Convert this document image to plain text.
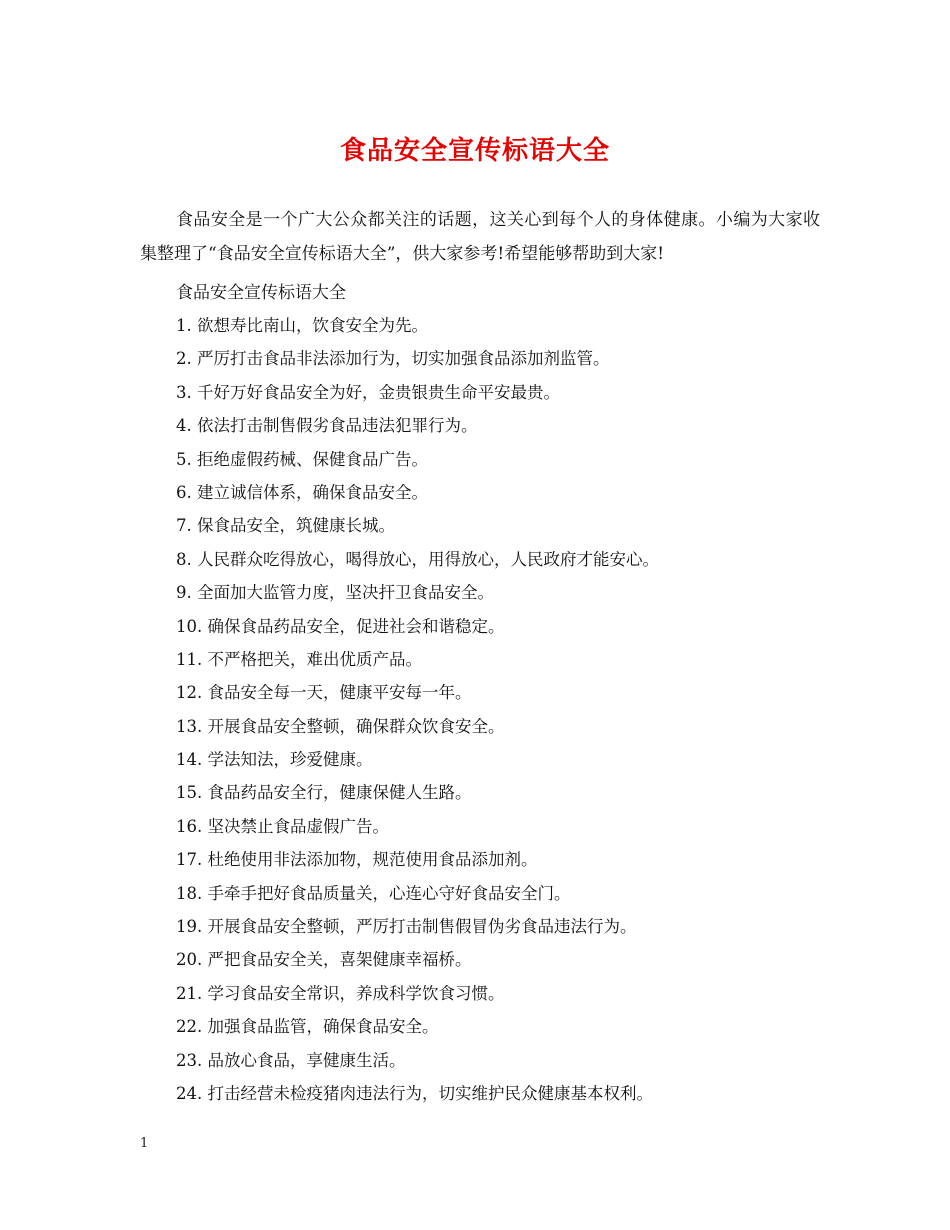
食品安全宣传标语大全
食品安全是一个广大公众都关注的话题，这关心到每个人的身体健康。小编为大家收集整理了“食品安全宣传标语大全”，供大家参考!希望能够帮助到大家!
食品安全宣传标语大全
1. 欲想寿比南山，饮食安全为先。
2. 严厉打击食品非法添加行为，切实加强食品添加剂监管。
3. 千好万好食品安全为好，金贵银贵生命平安最贵。
4. 依法打击制售假劣食品违法犯罪行为。
5. 拒绝虚假药械、保健食品广告。
6. 建立诚信体系，确保食品安全。
7. 保食品安全，筑健康长城。
8. 人民群众吃得放心，喝得放心，用得放心，人民政府才能安心。
9. 全面加大监管力度，坚决扞卫食品安全。
10. 确保食品药品安全，促进社会和谐稳定。
11. 不严格把关，难出优质产品。
12. 食品安全每一天，健康平安每一年。
13. 开展食品安全整顿，确保群众饮食安全。
14. 学法知法，珍爱健康。
15. 食品药品安全行，健康保健人生路。
16. 坚决禁止食品虚假广告。
17. 杜绝使用非法添加物，规范使用食品添加剂。
18. 手牵手把好食品质量关，心连心守好食品安全门。
19. 开展食品安全整顿，严厉打击制售假冒伪劣食品违法行为。
20. 严把食品安全关，喜架健康幸福桥。
21. 学习食品安全常识，养成科学饮食习惯。
22. 加强食品监管，确保食品安全。
23. 品放心食品，享健康生活。
24. 打击经营未检疫猪肉违法行为，切实维护民众健康基本权利。
1
